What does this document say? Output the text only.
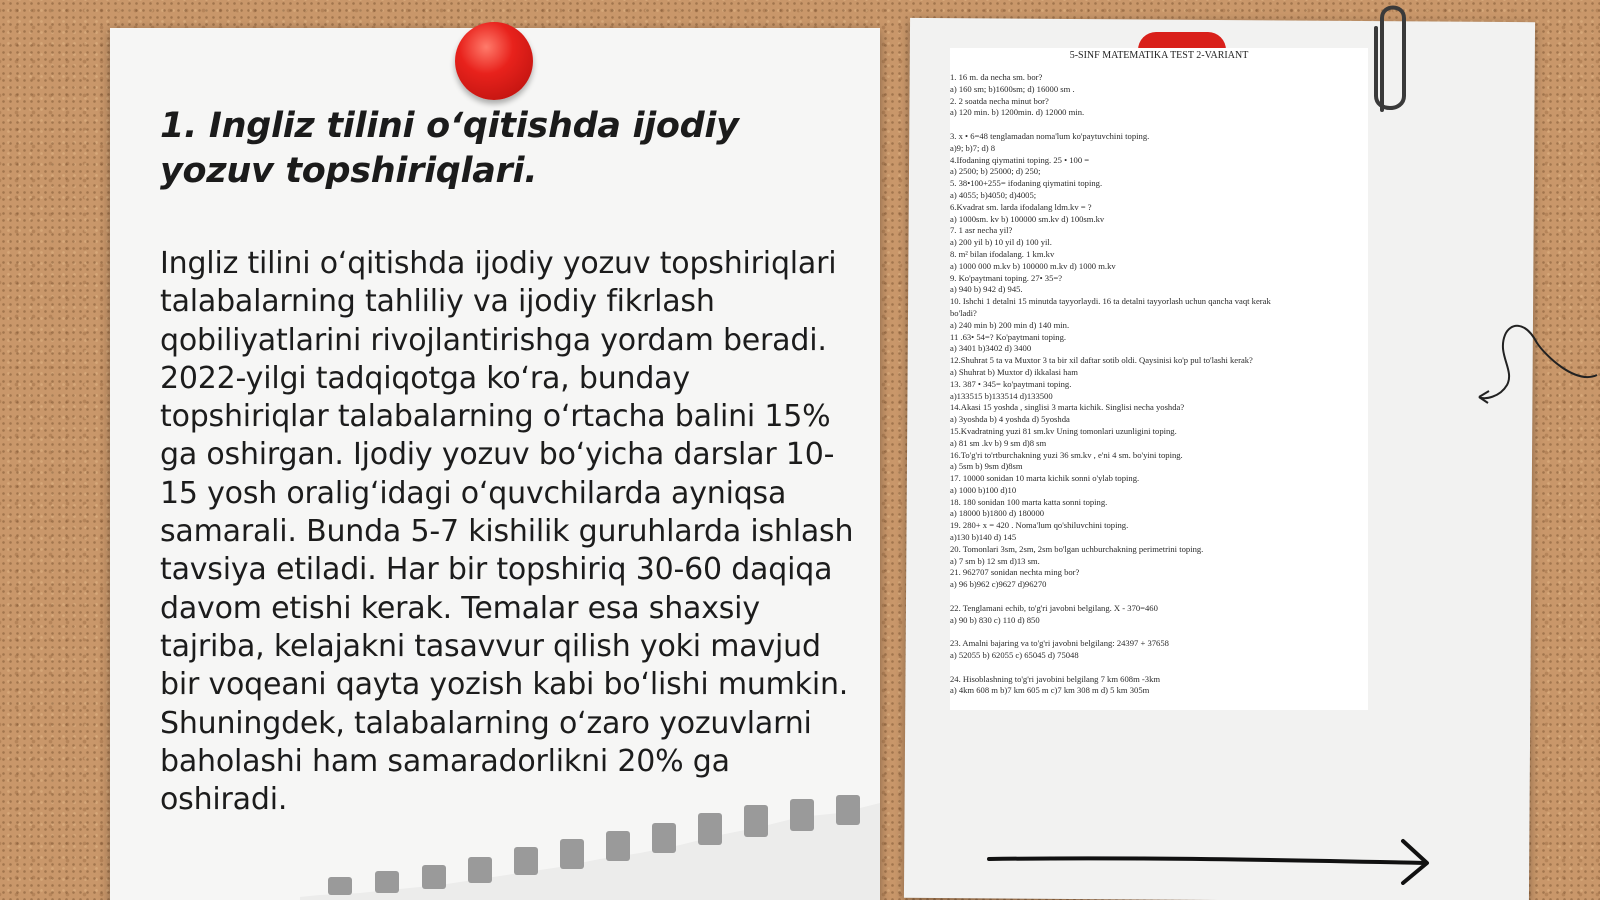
1. Ingliz tilini o‘qitishda ijodiy yozuv topshiriqlari.

Ingliz tilini o‘qitishda ijodiy yozuv topshiriqlari talabalarning tahliliy va ijodiy fikrlash qobiliyatlarini rivojlantirishga yordam beradi. 2022-yilgi tadqiqotga ko‘ra, bunday topshiriqlar talabalarning o‘rtacha balini 15% ga oshirgan. Ijodiy yozuv bo‘yicha darslar 10-15 yosh oralig‘idagi o‘quvchilarda ayniqsa samarali. Bunda 5-7 kishilik guruhlarda ishlash tavsiya etiladi. Har bir topshiriq 30-60 daqiqa davom etishi kerak. Temalar esa shaxsiy tajriba, kelajakni tasavvur qilish yoki mavjud bir voqeani qayta yozish kabi bo‘lishi mumkin. Shuningdek, talabalarning o‘zaro yozuvlarni baholashi ham samaradorlikni 20% ga oshiradi.

5-SINF MATEMATIKA TEST 2-VARIANT

1. 16 m. da necha sm. bor?
a) 160 sm; b)1600sm; d) 16000 sm .
2. 2 soatda necha minut bor?
a) 120 min. b) 1200min. d) 12000 min.

3. x • 6=48 tenglamadan noma'lum ko'paytuvchini toping.
a)9; b)7; d) 8
4.Ifodaning qiymatini toping. 25 • 100 =
a) 2500; b) 25000; d) 250;
5. 38•100+255= ifodaning qiymatini toping.
a) 4055; b)4050; d)4005;
6.Kvadrat sm. larda ifodalang ldm.kv = ?
a) 1000sm. kv b) 100000 sm.kv d) 100sm.kv
7. 1 asr necha yil?
a) 200 yil b) 10 yil d) 100 yil.
8. m² bilan ifodalang. 1 km.kv
a) 1000 000 m.kv b) 100000 m.kv d) 1000 m.kv
9. Ko'paytmani toping. 27• 35=?
a) 940 b) 942 d) 945.
10. Ishchi 1 detalni 15 minutda tayyorlaydi. 16 ta detalni tayyorlash uchun qancha vaqt kerak
bo'ladi?
a) 240 min b) 200 min d) 140 min.
11 .63• 54=? Ko'paytmani toping.
a) 3401 b)3402 d) 3400
12.Shuhrat 5 ta va Muxtor 3 ta bir xil daftar sotib oldi. Qaysinisi ko'p pul to'lashi kerak?
a) Shuhrat b) Muxtor d) ikkalasi ham
13. 387 • 345= ko'paytmani toping.
a)133515 b)133514 d)133500
14.Akasi 15 yoshda , singlisi 3 marta kichik. Singlisi necha yoshda?
a) 3yoshda b) 4 yoshda d) 5yoshda
15.Kvadratning yuzi 81 sm.kv Uning tomonlari uzunligini toping.
a) 81 sm .kv b) 9 sm d)8 sm
16.To'g'ri to'rtburchakning yuzi 36 sm.kv , e'ni 4 sm. bo'yini toping.
a) 5sm b) 9sm d)8sm
17. 10000 sonidan 10 marta kichik sonni o'ylab toping.
a) 1000 b)100 d)10
18. 180 sonidan 100 marta katta sonni toping.
a) 18000 b)1800 d) 180000
19. 280+ x = 420 . Noma'lum qo'shiluvchini toping.
a)130 b)140 d) 145
20. Tomonlari 3sm, 2sm, 2sm bo'lgan uchburchakning perimetrini toping.
a) 7 sm b) 12 sm d)13 sm.
21. 962707 sonidan nechta ming bor?
a) 96 b)962 c)9627 d)96270

22. Tenglamani echib, to'g'ri javobni belgilang. X - 370=460
a) 90 b) 830 c) 110 d) 850

23. Amalni bajaring va to'g'ri javobni belgilang: 24397 + 37658
a) 52055 b) 62055 c) 65045 d) 75048

24. Hisoblashning to'g'ri javobini belgilang 7 km 608m -3km
a) 4km 608 m b)7 km 605 m c)7 km 308 m d) 5 km 305m
